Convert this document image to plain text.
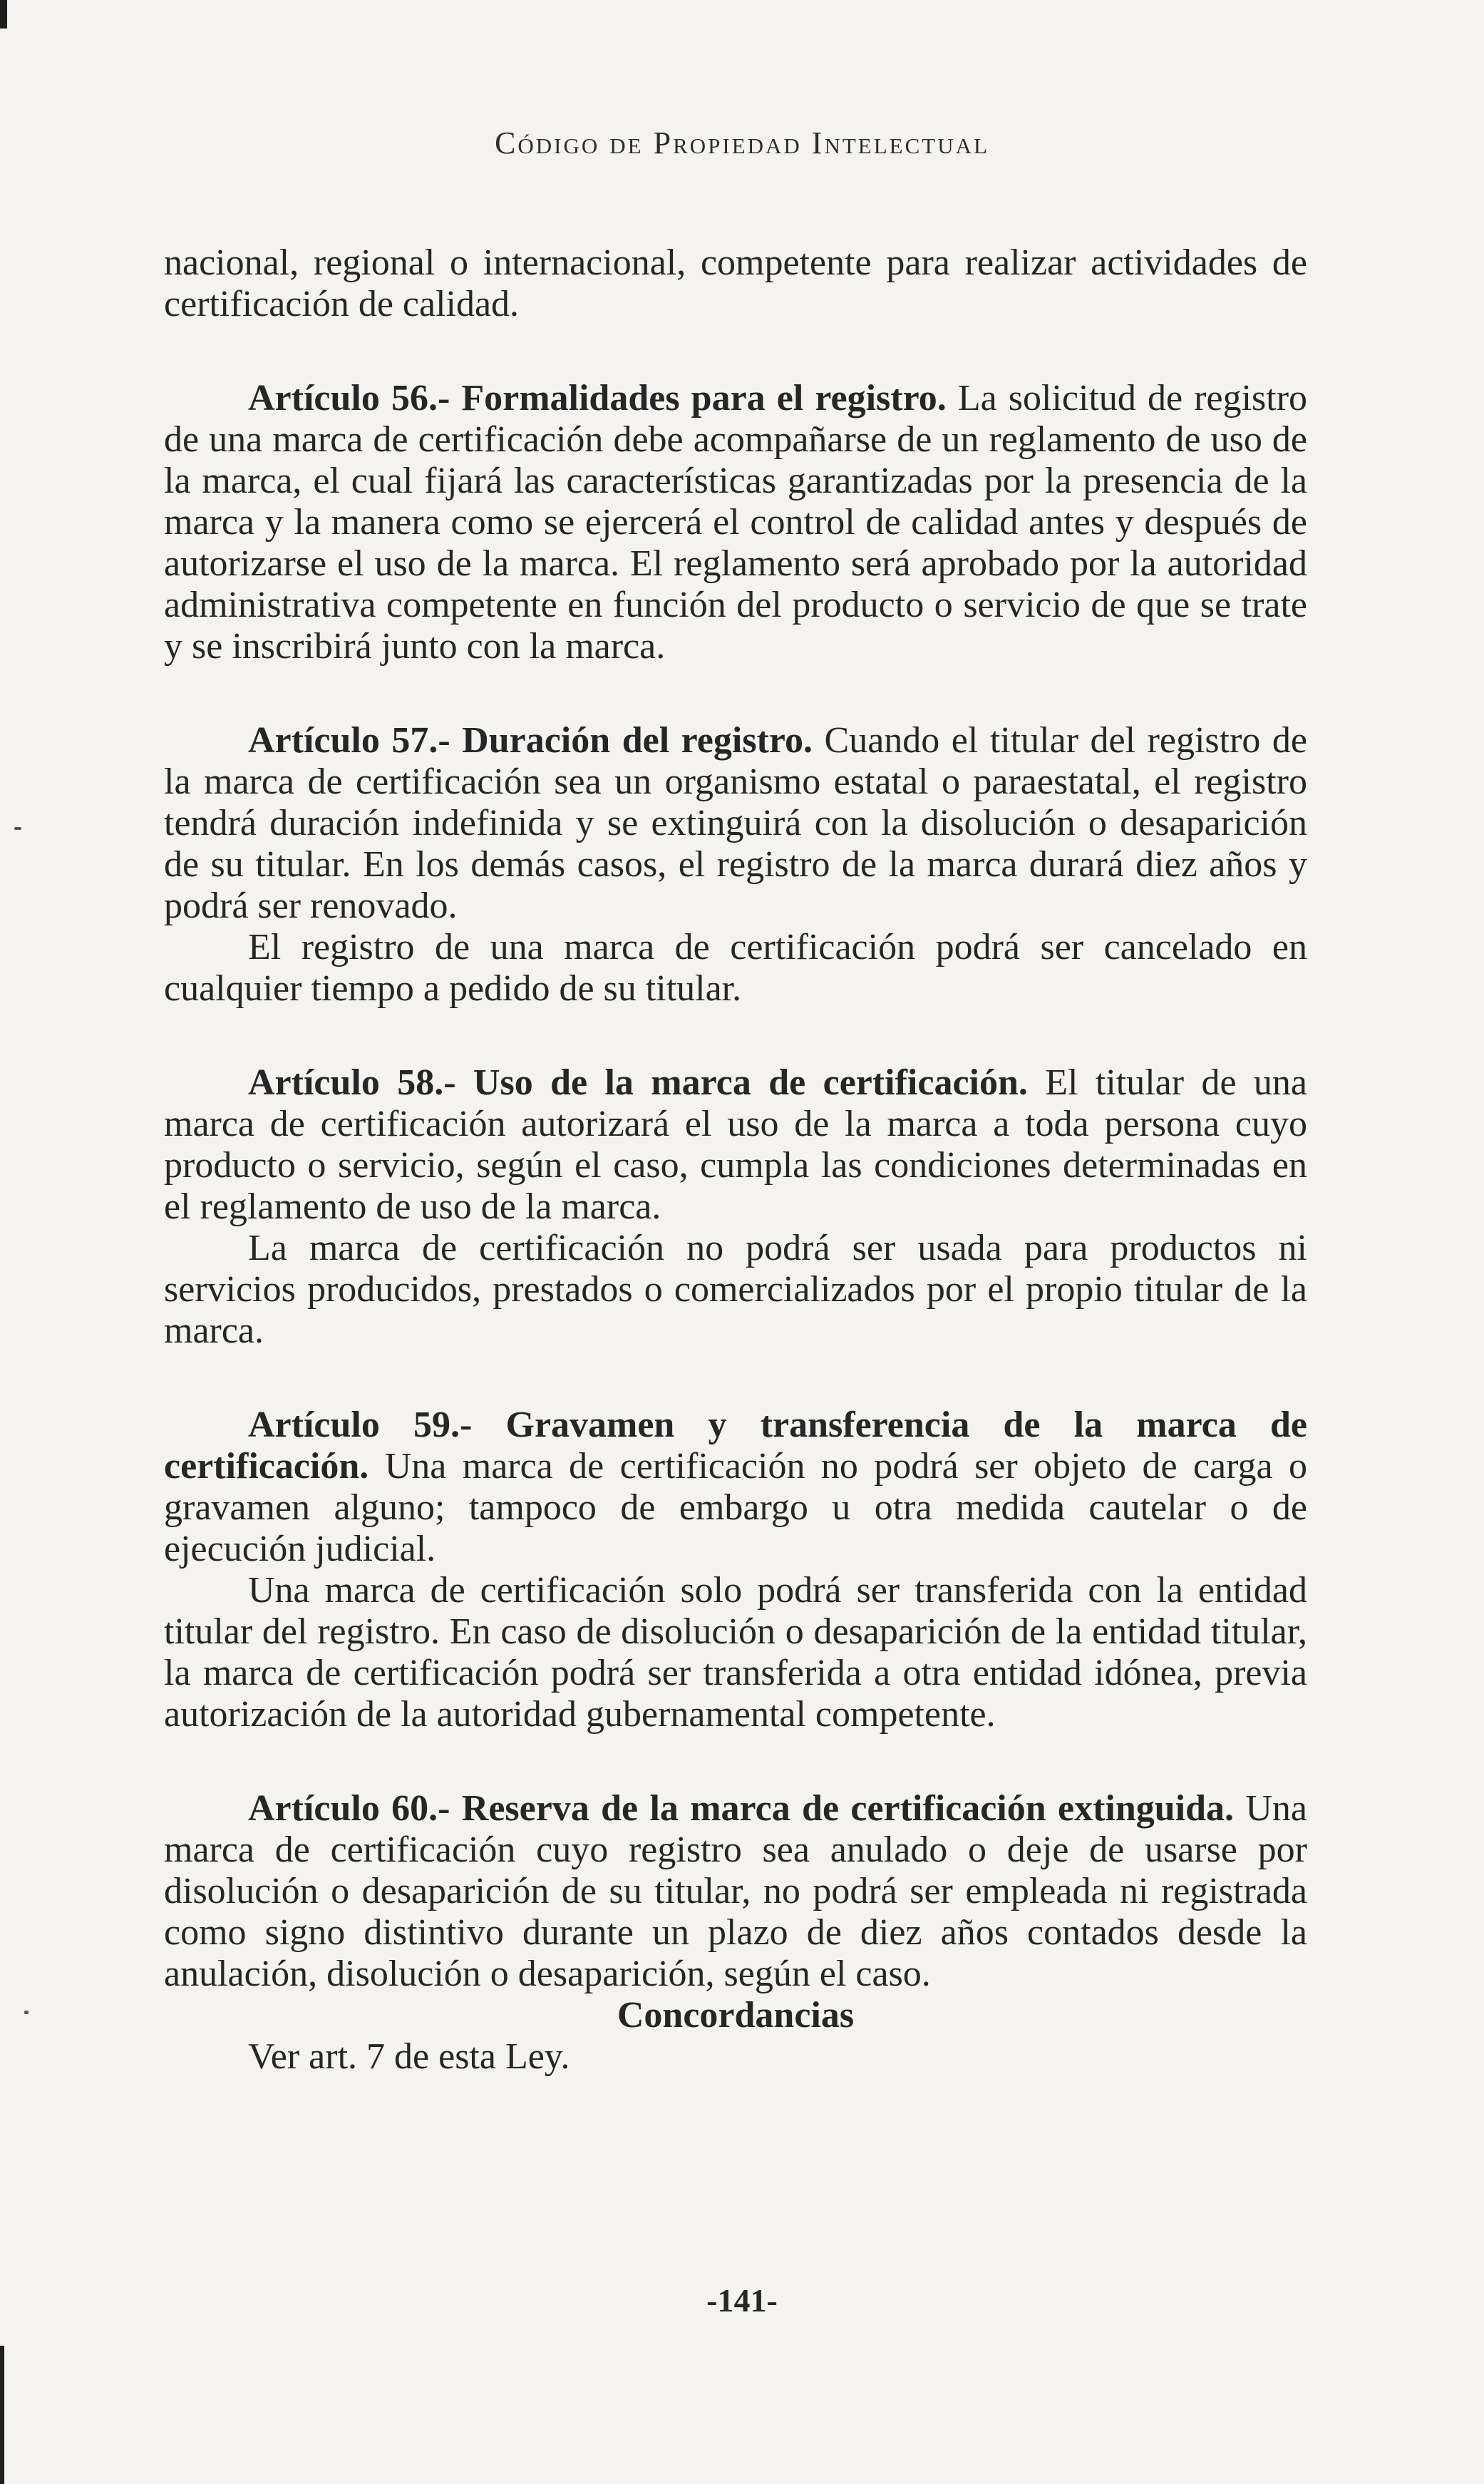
Código de Propiedad Intelectual

nacional, regional o internacional, competente para realizar actividades de certificación de calidad.

Artículo 56.- Formalidades para el registro. La solicitud de registro de una marca de certificación debe acompañarse de un reglamento de uso de la marca, el cual fijará las características garantizadas por la presencia de la marca y la manera como se ejercerá el control de calidad antes y después de autorizarse el uso de la marca. El reglamento será aprobado por la autoridad administrativa competente en función del producto o servicio de que se trate y se inscribirá junto con la marca.

Artículo 57.- Duración del registro. Cuando el titular del registro de la marca de certificación sea un organismo estatal o paraestatal, el registro tendrá duración indefinida y se extinguirá con la disolución o desaparición de su titular. En los demás casos, el registro de la marca durará diez años y podrá ser renovado.

El registro de una marca de certificación podrá ser cancelado en cualquier tiempo a pedido de su titular.

Artículo 58.- Uso de la marca de certificación. El titular de una marca de certificación autorizará el uso de la marca a toda persona cuyo producto o servicio, según el caso, cumpla las condiciones determinadas en el reglamento de uso de la marca.

La marca de certificación no podrá ser usada para productos ni servicios producidos, prestados o comercializados por el propio titular de la marca.

Artículo 59.- Gravamen y transferencia de la marca de certificación. Una marca de certificación no podrá ser objeto de carga o gravamen alguno; tampoco de embargo u otra medida cautelar o de ejecución judicial.

Una marca de certificación solo podrá ser transferida con la entidad titular del registro. En caso de disolución o desaparición de la entidad titular, la marca de certificación podrá ser transferida a otra entidad idónea, previa autorización de la autoridad gubernamental competente.

Artículo 60.- Reserva de la marca de certificación extinguida. Una marca de certificación cuyo registro sea anulado o deje de usarse por disolución o desaparición de su titular, no podrá ser empleada ni registrada como signo distintivo durante un plazo de diez años contados desde la anulación, disolución o desaparición, según el caso.

Concordancias

Ver art. 7 de esta Ley.

-141-
